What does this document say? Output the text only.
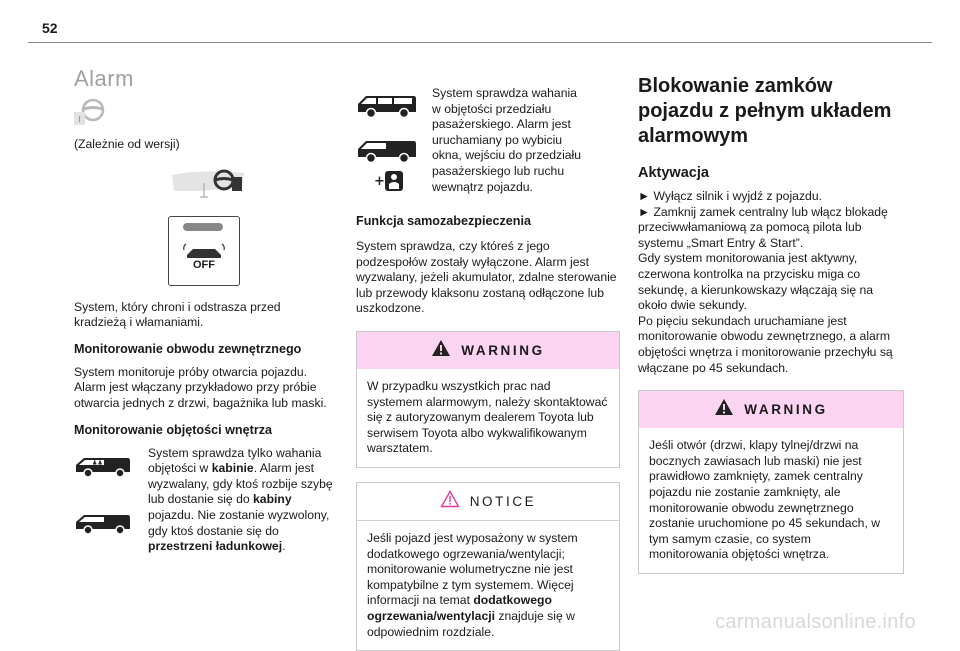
52
Alarm

(Zależnie od wersji)

OFF

System, który chroni i odstrasza przed kradzieżą i włamaniami.

Monitorowanie obwodu zewnętrznego

System monitoruje próby otwarcia pojazdu. Alarm jest włączany przykładowo przy próbie otwarcia jednych z drzwi, bagażnika lub maski.

Monitorowanie objętości wnętrza
♟♟

System sprawdza tylko wahania objętości w kabinie. Alarm jest wyzwalany, gdy ktoś rozbije szybę lub dostanie się do kabiny pojazdu. Nie zostanie wyzwolony, gdy ktoś dostanie się do przestrzeni ładunkowej.

+

System sprawdza wahania w objętości przedziału pasażerskiego. Alarm jest uruchamiany po wybiciu okna, wejściu do przedziału pasażerskiego lub ruchu wewnątrz pojazdu.

Funkcja samozabezpieczenia

System sprawdza, czy któreś z jego podzespołów zostały wyłączone. Alarm jest wyzwalany, jeżeli akumulator, zdalne sterowanie lub przewody klaksonu zostaną odłączone lub uszkodzone.

WARNING

W przypadku wszystkich prac nad systemem alarmowym, należy skontaktować się z autoryzowanym dealerem Toyota lub serwisem Toyota albo wykwalifikowanym warsztatem.

NOTICE

Jeśli pojazd jest wyposażony w system dodatkowego ogrzewania/wentylacji; monitorowanie wolumetryczne nie jest kompatybilne z tym systemem. Więcej informacji na temat dodatkowego ogrzewania/wentylacji znajduje się w odpowiednim rozdziale.

Blokowanie zamków pojazdu z pełnym układem alarmowym
Aktywacja

► Wyłącz silnik i wyjdź z pojazdu.

► Zamknij zamek centralny lub włącz blokadę przeciwwłamaniową za pomocą pilota lub systemu „Smart Entry & Start”.

Gdy system monitorowania jest aktywny, czerwona kontrolka na przycisku miga co sekundę, a kierunkowskazy włączają się na około dwie sekundy.

Po pięciu sekundach uruchamiane jest monitorowanie obwodu zewnętrznego, a alarm objętości wnętrza i monitorowanie przechyłu są włączane po 45 sekundach.

WARNING

Jeśli otwór (drzwi, klapy tylnej/drzwi na bocznych zawiasach lub maski) nie jest prawidłowo zamknięty, zamek centralny pojazdu nie zostanie zamknięty, ale monitorowanie obwodu zewnętrznego zostanie uruchomione po 45 sekundach, w tym samym czasie, co system monitorowania objętości wnętrza.

carmanualsonline.info
